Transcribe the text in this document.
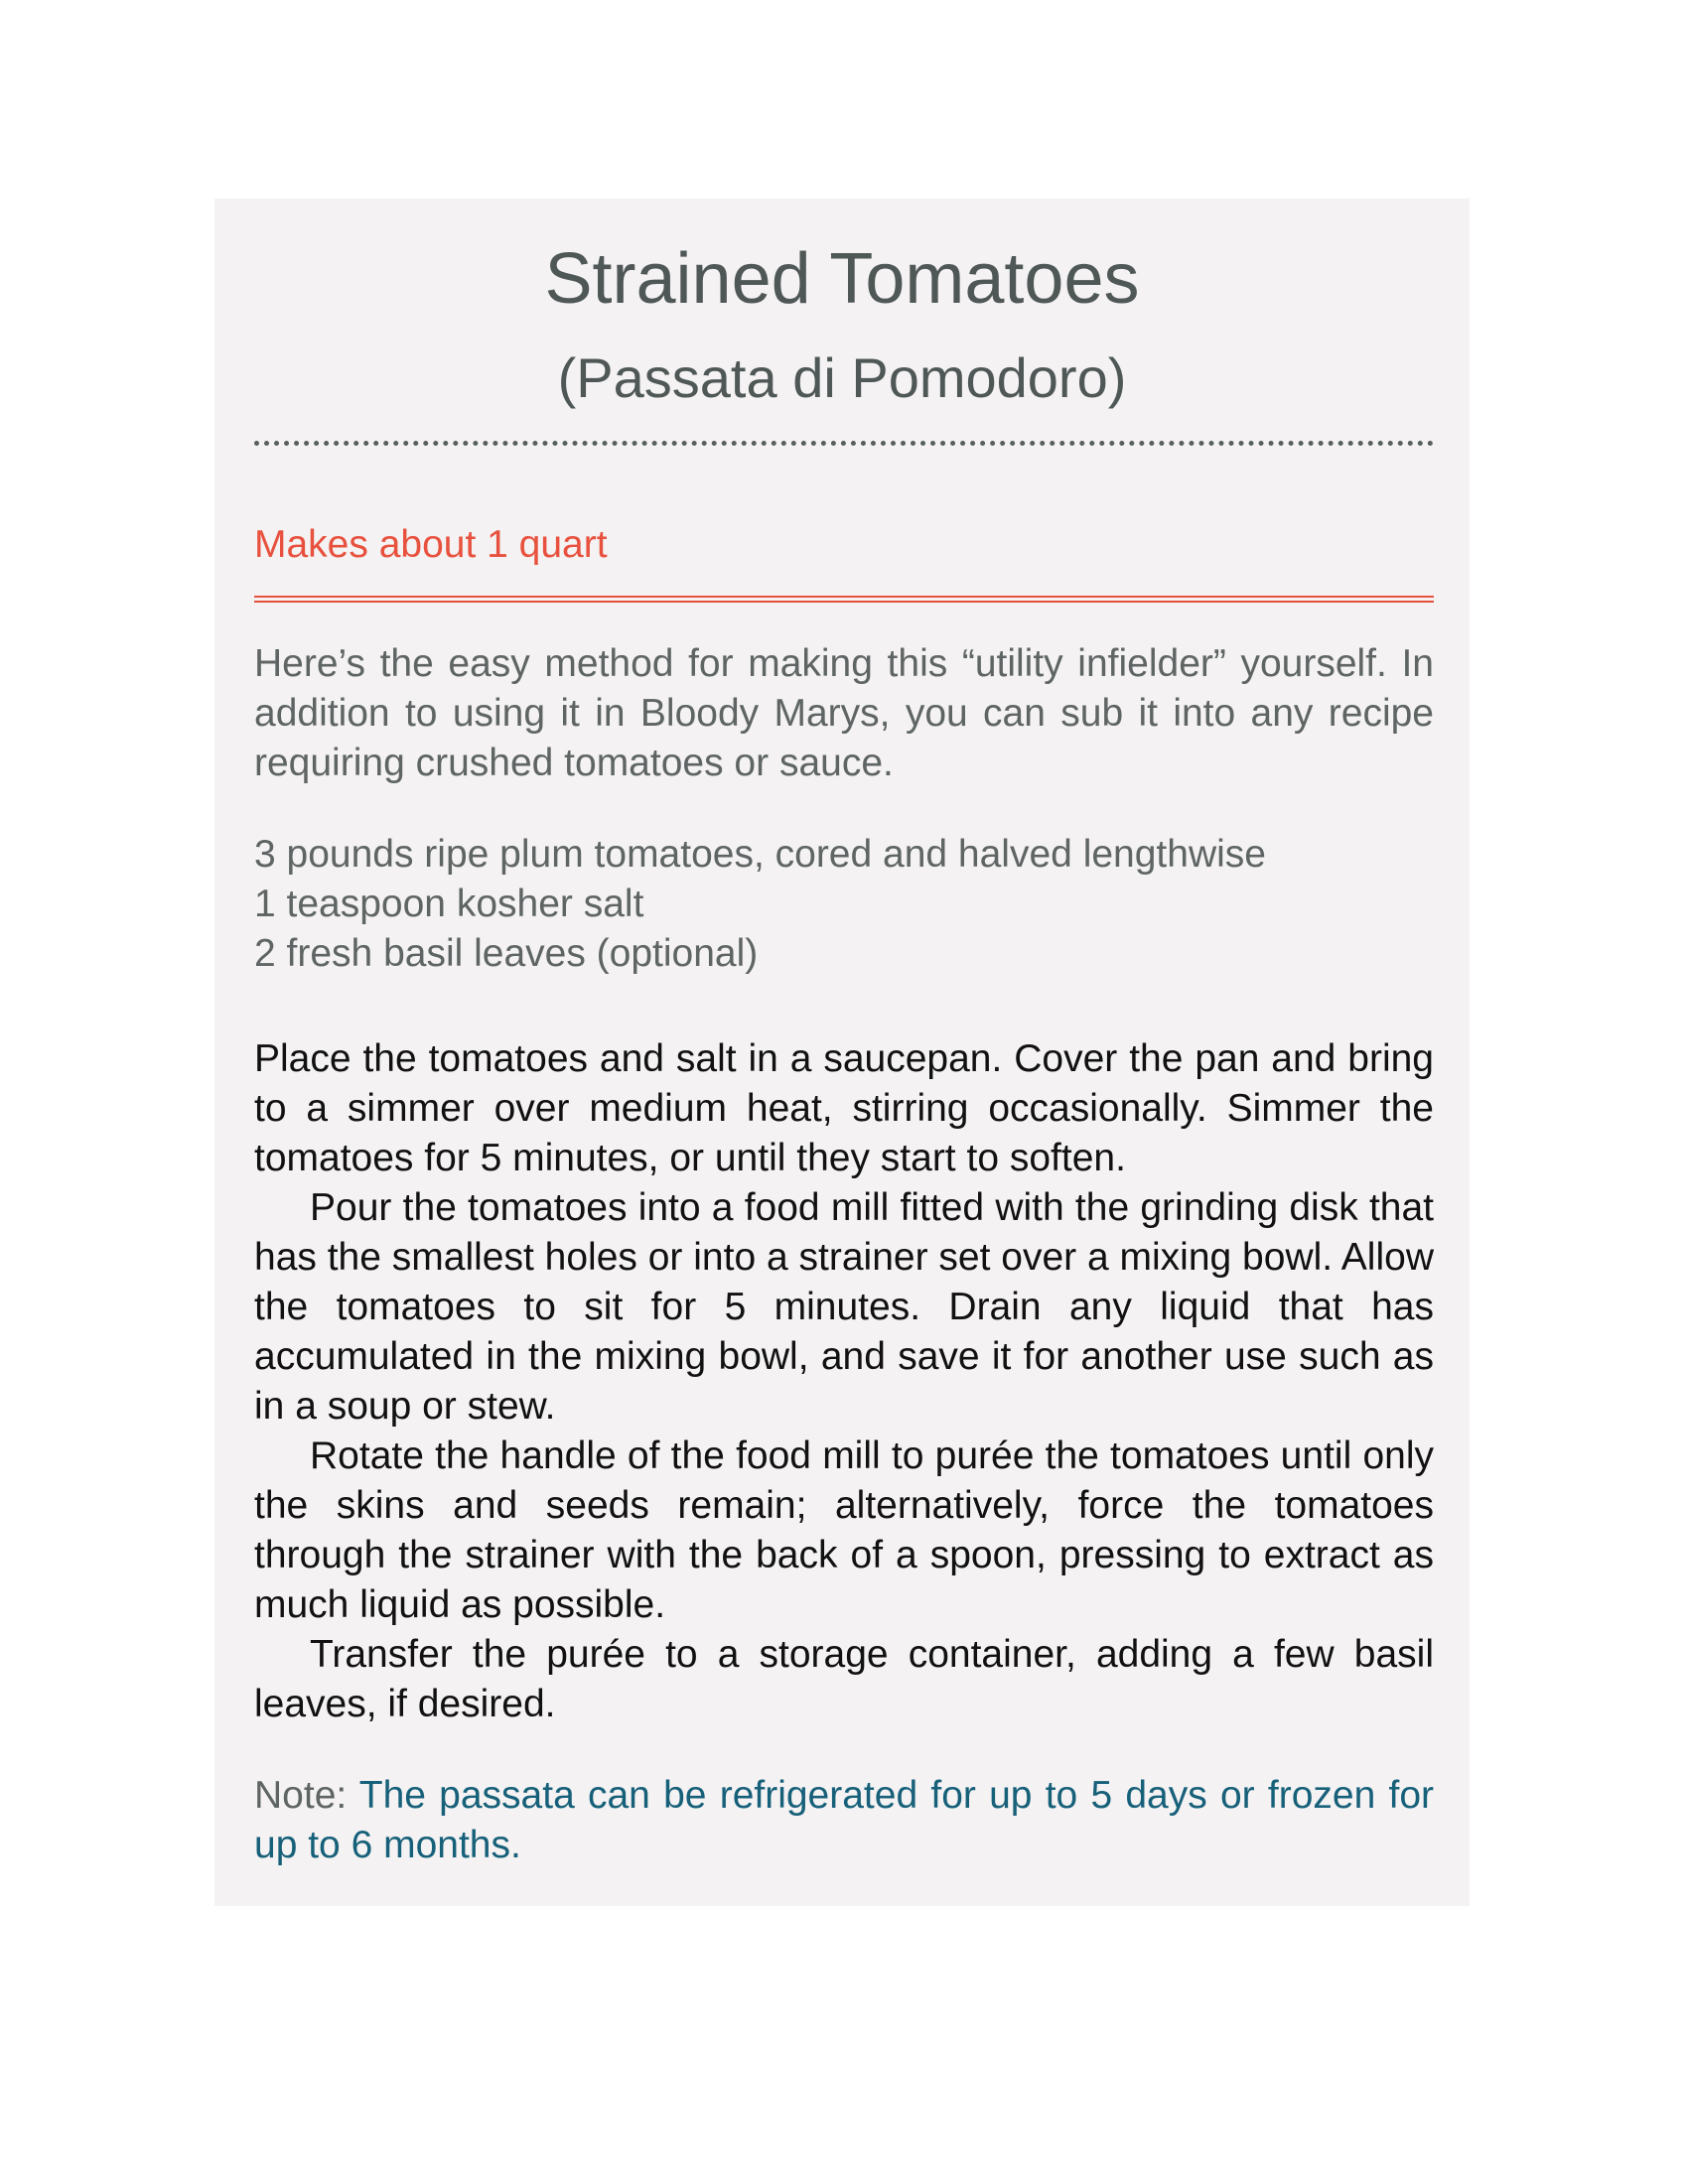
Strained Tomatoes
(Passata di Pomodoro)
Makes about 1 quart

Here’s the easy method for making this “utility infielder” yourself. In addition to using it in Bloody Marys, you can sub it into any recipe requiring crushed tomatoes or sauce.

3 pounds ripe plum tomatoes, cored and halved lengthwise
1 teaspoon kosher salt
2 fresh basil leaves (optional)

Place the tomatoes and salt in a saucepan. Cover the pan and bring to a simmer over medium heat, stirring occasionally. Simmer the tomatoes for 5 minutes, or until they start to soften.

Pour the tomatoes into a food mill fitted with the grinding disk that has the smallest holes or into a strainer set over a mixing bowl. Allow the tomatoes to sit for 5 minutes. Drain any liquid that has accumulated in the mixing bowl, and save it for another use such as in a soup or stew.

Rotate the handle of the food mill to purée the tomatoes until only the skins and seeds remain; alternatively, force the tomatoes through the strainer with the back of a spoon, pressing to extract as much liquid as possible.

Transfer the purée to a storage container, adding a few basil leaves, if desired.

Note: The passata can be refrigerated for up to 5 days or frozen for up to 6 months.
